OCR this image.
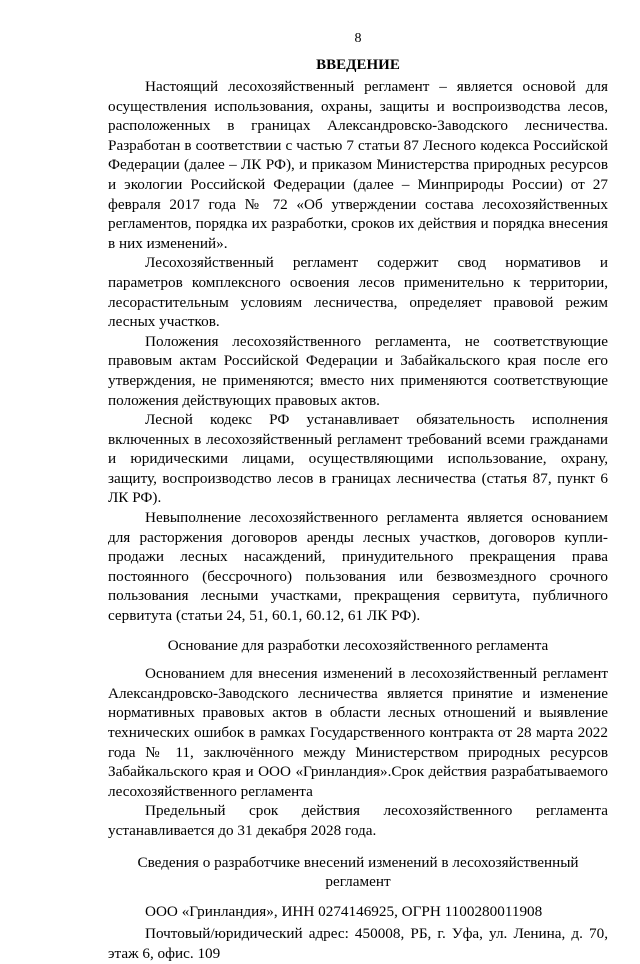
8
ВВЕДЕНИЕ

Настоящий лесохозяйственный регламент – является основой для осуществления использования, охраны, защиты и воспроизводства лесов, расположенных в границах Александровско-Заводского лесничества. Разработан в соответствии с частью 7 статьи 87 Лесного кодекса Российской Федерации (далее – ЛК РФ), и приказом Министерства природных ресурсов и экологии Российской Федерации (далее – Минприроды России) от 27 февраля 2017 года № 72 «Об утверждении состава лесохозяйственных регламентов, порядка их разработки, сроков их действия и порядка внесения в них изменений».

Лесохозяйственный регламент содержит свод нормативов и параметров комплексного освоения лесов применительно к территории, лесорастительным условиям лесничества, определяет правовой режим лесных участков.

Положения лесохозяйственного регламента, не соответствующие правовым актам Российской Федерации и Забайкальского края после его утверждения, не применяются; вместо них применяются соответствующие положения действующих правовых актов.

Лесной кодекс РФ устанавливает обязательность исполнения включенных в лесохозяйственный регламент требований всеми гражданами и юридическими лицами, осуществляющими использование, охрану, защиту, воспроизводство лесов в границах лесничества (статья 87, пункт 6 ЛК РФ).

Невыполнение лесохозяйственного регламента является основанием для расторжения договоров аренды лесных участков, договоров купли-продажи лесных насаждений, принудительного прекращения права постоянного (бессрочного) пользования или безвозмездного срочного пользования лесными участками, прекращения сервитута, публичного сервитута (статьи 24, 51, 60.1, 60.12, 61 ЛК РФ).

Основание для разработки лесохозяйственного регламента

Основанием для внесения изменений в лесохозяйственный регламент Александровско-Заводского лесничества является принятие и изменение нормативных правовых актов в области лесных отношений и выявление технических ошибок в рамках Государственного контракта от 28 марта 2022 года № 11, заключённого между Министерством природных ресурсов Забайкальского края и ООО «Гринландия».Срок действия разрабатываемого лесохозяйственного регламента

Предельный срок действия лесохозяйственного регламента устанавливается до 31 декабря 2028 года.

Сведения о разработчике внесений изменений в лесохозяйственный регламент

ООО «Гринландия», ИНН 0274146925, ОГРН 1100280011908

Почтовый/юридический адрес: 450008, РБ, г. Уфа, ул. Ленина, д. 70, этаж 6, офис. 109
